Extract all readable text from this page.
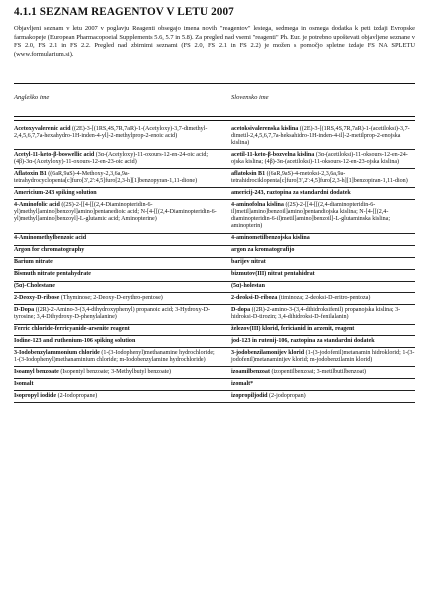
4.1.1 SEZNAM REAGENTOV V LETU 2007

Objavljeni seznam v letu 2007 v poglavju Reagenti obsegajo imena novih "reagentov" lestega, sedmega in osmega dodatka k peti izdaji Evropske farmakopeje (European Pharmacopoeial Supplements 5.6, 5.7 in 5.8). Za pregled nad vsemi "reagenti" Ph. Eur. je potrebno upoštevati objavljene seznane v FS 2.0, FS 2.1 in FS 2.2. Pregled nad zbirnimi seznami (FS 2.0, FS 2.1 in FS 2.2) je možen s pomočjo spletne izdaje FS NA SPLETU (www.formularium.si).

Angleško ime	Slovensko ime
Acetoxyvalerenic acid ((2E)-3-[(1RS,4S,7R,7aR)-1-(Acetyloxy)-3,7-dimethyl-2,4,5,6,7,7a-hexahydro-1H-inden-4-yl]-2-methylprop-2-enoic acid)	acetoksivalerenska kislina ((2E)-3-[(1RS,4S,7R,7aR)-1-(acetiloksi)-3,7-dimetil-2,4,5,6,7,7a-heksahidro-1H-inden-4-il]-2-metilprop-2-enojska kislina)
Acetyl-11-keto-β-boswellic acid (3α-(Acetyloxy)-11-oxours-12-en-24-oic acid; (4β)-3α-(Acetyloxy)-11-oxours-12-en-23-oic acid)	acetil-11-keto-β-bozvelna kislina (3α-(acetiloksi)-11-oksours-12-en-24-ojska kislina; (4β)-3α-(acetiloksi)-11-oksours-12-en-23-ojska kislina)
Aflatoxin B1 ((6aR,9aS)-4-Methoxy-2,3,6a,9a-tetrahydrocyclopenta[c]furo[3′,2′:4,5]furo[2,3-h][1]benzopyran-1,11-dione)	aflatoksin B1 ((6aR,9aS)-4-metoksi-2,3,6a,9a-tetrahidrociklopenta[c]furo[3′,2′:4,5]furo[2,3-h][1]benzopiran-1,11-dion)
Americium-243 spiking solution	americij-243, raztopina za standardni dodatek
4-Aminofolic acid ((2S)-2-[[4-[[(2,4-Diaminopteridin-6-yl)methyl]amino]benzoyl]amino]pentanedioic acid; N-[4-[[(2,4-Diaminopteridin-6-yl)methyl]amino]benzoyl]-L-glutamic acid; Aminopterine)	4-aminofolna kislina ((2S)-2-[[4-[[(2,4-diaminopteridin-6-il)metil]amino]benzoil]amino]pentandiojska kislina; N-[4-[[(2,4-diaminopteridin-6-il)metil]amino]benzoil]-L-glutaminska kislina; aminopterin)
4-Aminomethylbenzoic acid	4-aminometilbenzojska kislina
Argon for chromatography	argon za kromatografijo
Barium nitrate	barijev nitrat
Bismuth nitrate pentahydrate	bizmutov(III) nitrat pentahidrat
(5α)-Cholestane	(5α)-holestan
2-Deoxy-D-ribose (Thyminose; 2-Deoxy-D-erythro-pentose)	2-deoksi-D-riboza (timinoza; 2-deoksi-D-eritro-pentoza)
D-Dopa ((2R)-2-Amino-3-(3,4-dihydroxyphenyl) propanoic acid; 3-Hydroxy-D-tyrosine; 3,4-Dihydroxy-D-phenylalanine)	D-dopa ((2R)-2-amino-3-(3,4-dihidroksifenil) propanojska kislina; 3-hidroksi-D-tirozin; 3,4-dihidroksi-D-fenilalanin)
Ferric chloride-ferricyanide-arsenite reagent	železov(III) klorid, fericianid in arzenit, reagent
Iodine-123 and ruthenium-106 spiking solution	jod-123 in rutenij-106, raztopina za standardni dodatek
3-Iodobenzylammonium chloride (1-(3-Iodophenyl)methanamine hydrochloride; 1-(3-Iodophenyl)methanaminium chloride; m-Iodobenzylamine hydrochloride)	3-jodobenzilamonijev klorid (1-(3-jodofenil)metanamin hidroklorid; 1-(3-jodofenil)metanaminijev klorid; m-jodobenzilamin klorid)
Isoamyl benzoate (Isopentyl benzoate; 3-Methylbutyl benzoate)	izoamilbenzoat (izopentilbenzoat; 3-metilbutilbenzoat)
Isomalt	izomalt*
Isopropyl iodide (2-Iodopropane)	izopropiljodid (2-jodopropan)
